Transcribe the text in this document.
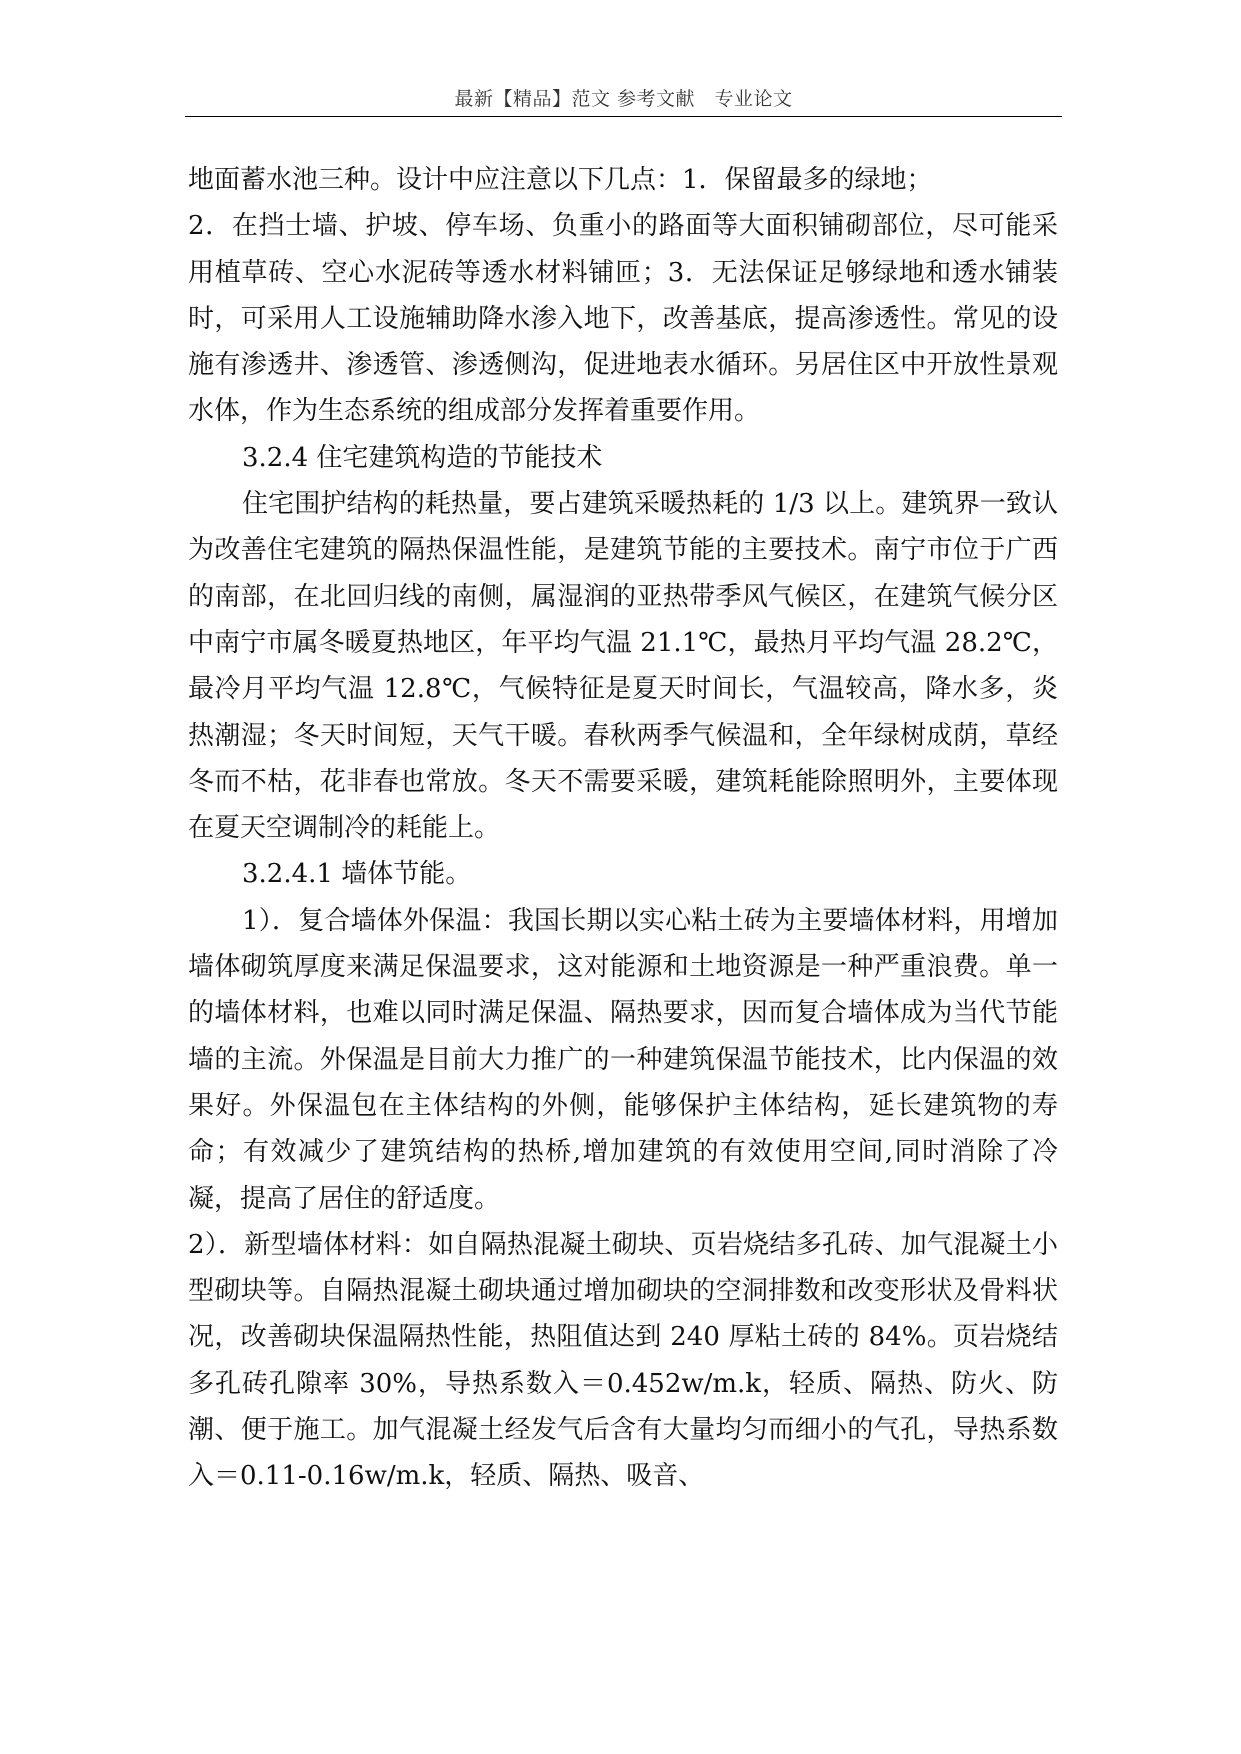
最新【精品】范文 参考文献　专业论文

地面蓄水池三种。设计中应注意以下几点：1．保留最多的绿地；

2．在挡士墙、护坡、停车场、负重小的路面等大面积铺砌部位，尽可能采用植草砖、空心水泥砖等透水材料铺匝；3．无法保证足够绿地和透水铺装时，可采用人工设施辅助降水渗入地下，改善基底，提高渗透性。常见的设施有渗透井、渗透管、渗透侧沟，促进地表水循环。另居住区中开放性景观水体，作为生态系统的组成部分发挥着重要作用。

3.2.4 住宅建筑构造的节能技术

住宅围护结构的耗热量，要占建筑采暖热耗的 1/3 以上。建筑界一致认为改善住宅建筑的隔热保温性能，是建筑节能的主要技术。南宁市位于广西的南部，在北回归线的南侧，属湿润的亚热带季风气候区，在建筑气候分区中南宁市属冬暖夏热地区，年平均气温 21.1℃，最热月平均气温 28.2℃，最冷月平均气温 12.8℃，气候特征是夏天时间长，气温较高，降水多，炎热潮湿；冬天时间短，天气干暖。春秋两季气候温和，全年绿树成荫，草经冬而不枯，花非春也常放。冬天不需要采暖，建筑耗能除照明外，主要体现在夏天空调制冷的耗能上。

3.2.4.1 墙体节能。

1）．复合墙体外保温：我国长期以实心粘土砖为主要墙体材料，用增加墙体砌筑厚度来满足保温要求，这对能源和土地资源是一种严重浪费。单一的墙体材料，也难以同时满足保温、隔热要求，因而复合墙体成为当代节能墙的主流。外保温是目前大力推广的一种建筑保温节能技术，比内保温的效果好。外保温包在主体结构的外侧，能够保护主体结构，延长建筑物的寿命；有效减少了建筑结构的热桥,增加建筑的有效使用空间,同时消除了冷凝，提高了居住的舒适度。

2）．新型墙体材料：如自隔热混凝土砌块、页岩烧结多孔砖、加气混凝土小型砌块等。自隔热混凝土砌块通过增加砌块的空洞排数和改变形状及骨料状况，改善砌块保温隔热性能，热阻值达到 240 厚粘土砖的 84%。页岩烧结多孔砖孔隙率 30%，导热系数入＝0.452w/m.k，轻质、隔热、防火、防潮、便于施工。加气混凝土经发气后含有大量均匀而细小的气孔，导热系数入＝0.11-0.16w/m.k，轻质、隔热、吸音、
